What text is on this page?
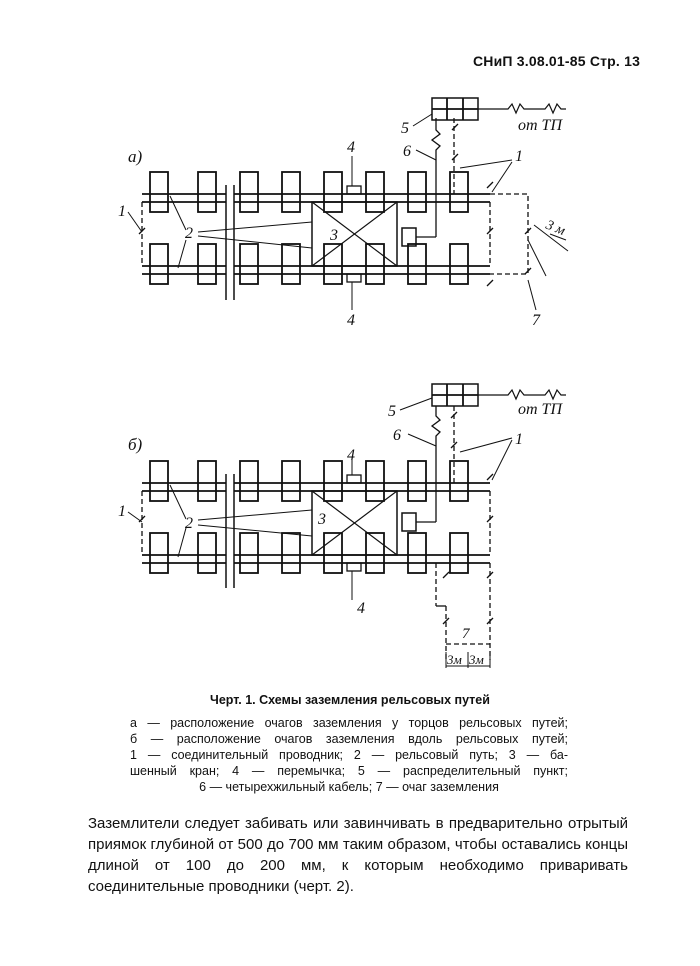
СНиП 3.08.01-85 Стр. 13
а)
от ТП
3 м
1
2	3
4
4
5
6	1
7
б)
от ТП
1
2	3
4
4
5
6	1
7
3м 3м
Черт. 1. Схемы заземления рельсовых путей
а — расположение очагов заземления у торцов рельсовых путей;
б — расположение очагов заземления вдоль рельсовых путей;
1 — соединительный проводник; 2 — рельсовый путь; 3 — ба-
шенный кран; 4 — перемычка; 5 — распределительный пункт;
6 — четырехжильный кабель; 7 — очаг заземления
Заземлители следует забивать или завинчивать в предварительно отрытый приямок глубиной от 500 до 700 мм таким образом, чтобы оставались концы длиной от 100 до 200 мм, к которым необходимо приваривать соединительные проводники (черт. 2).
